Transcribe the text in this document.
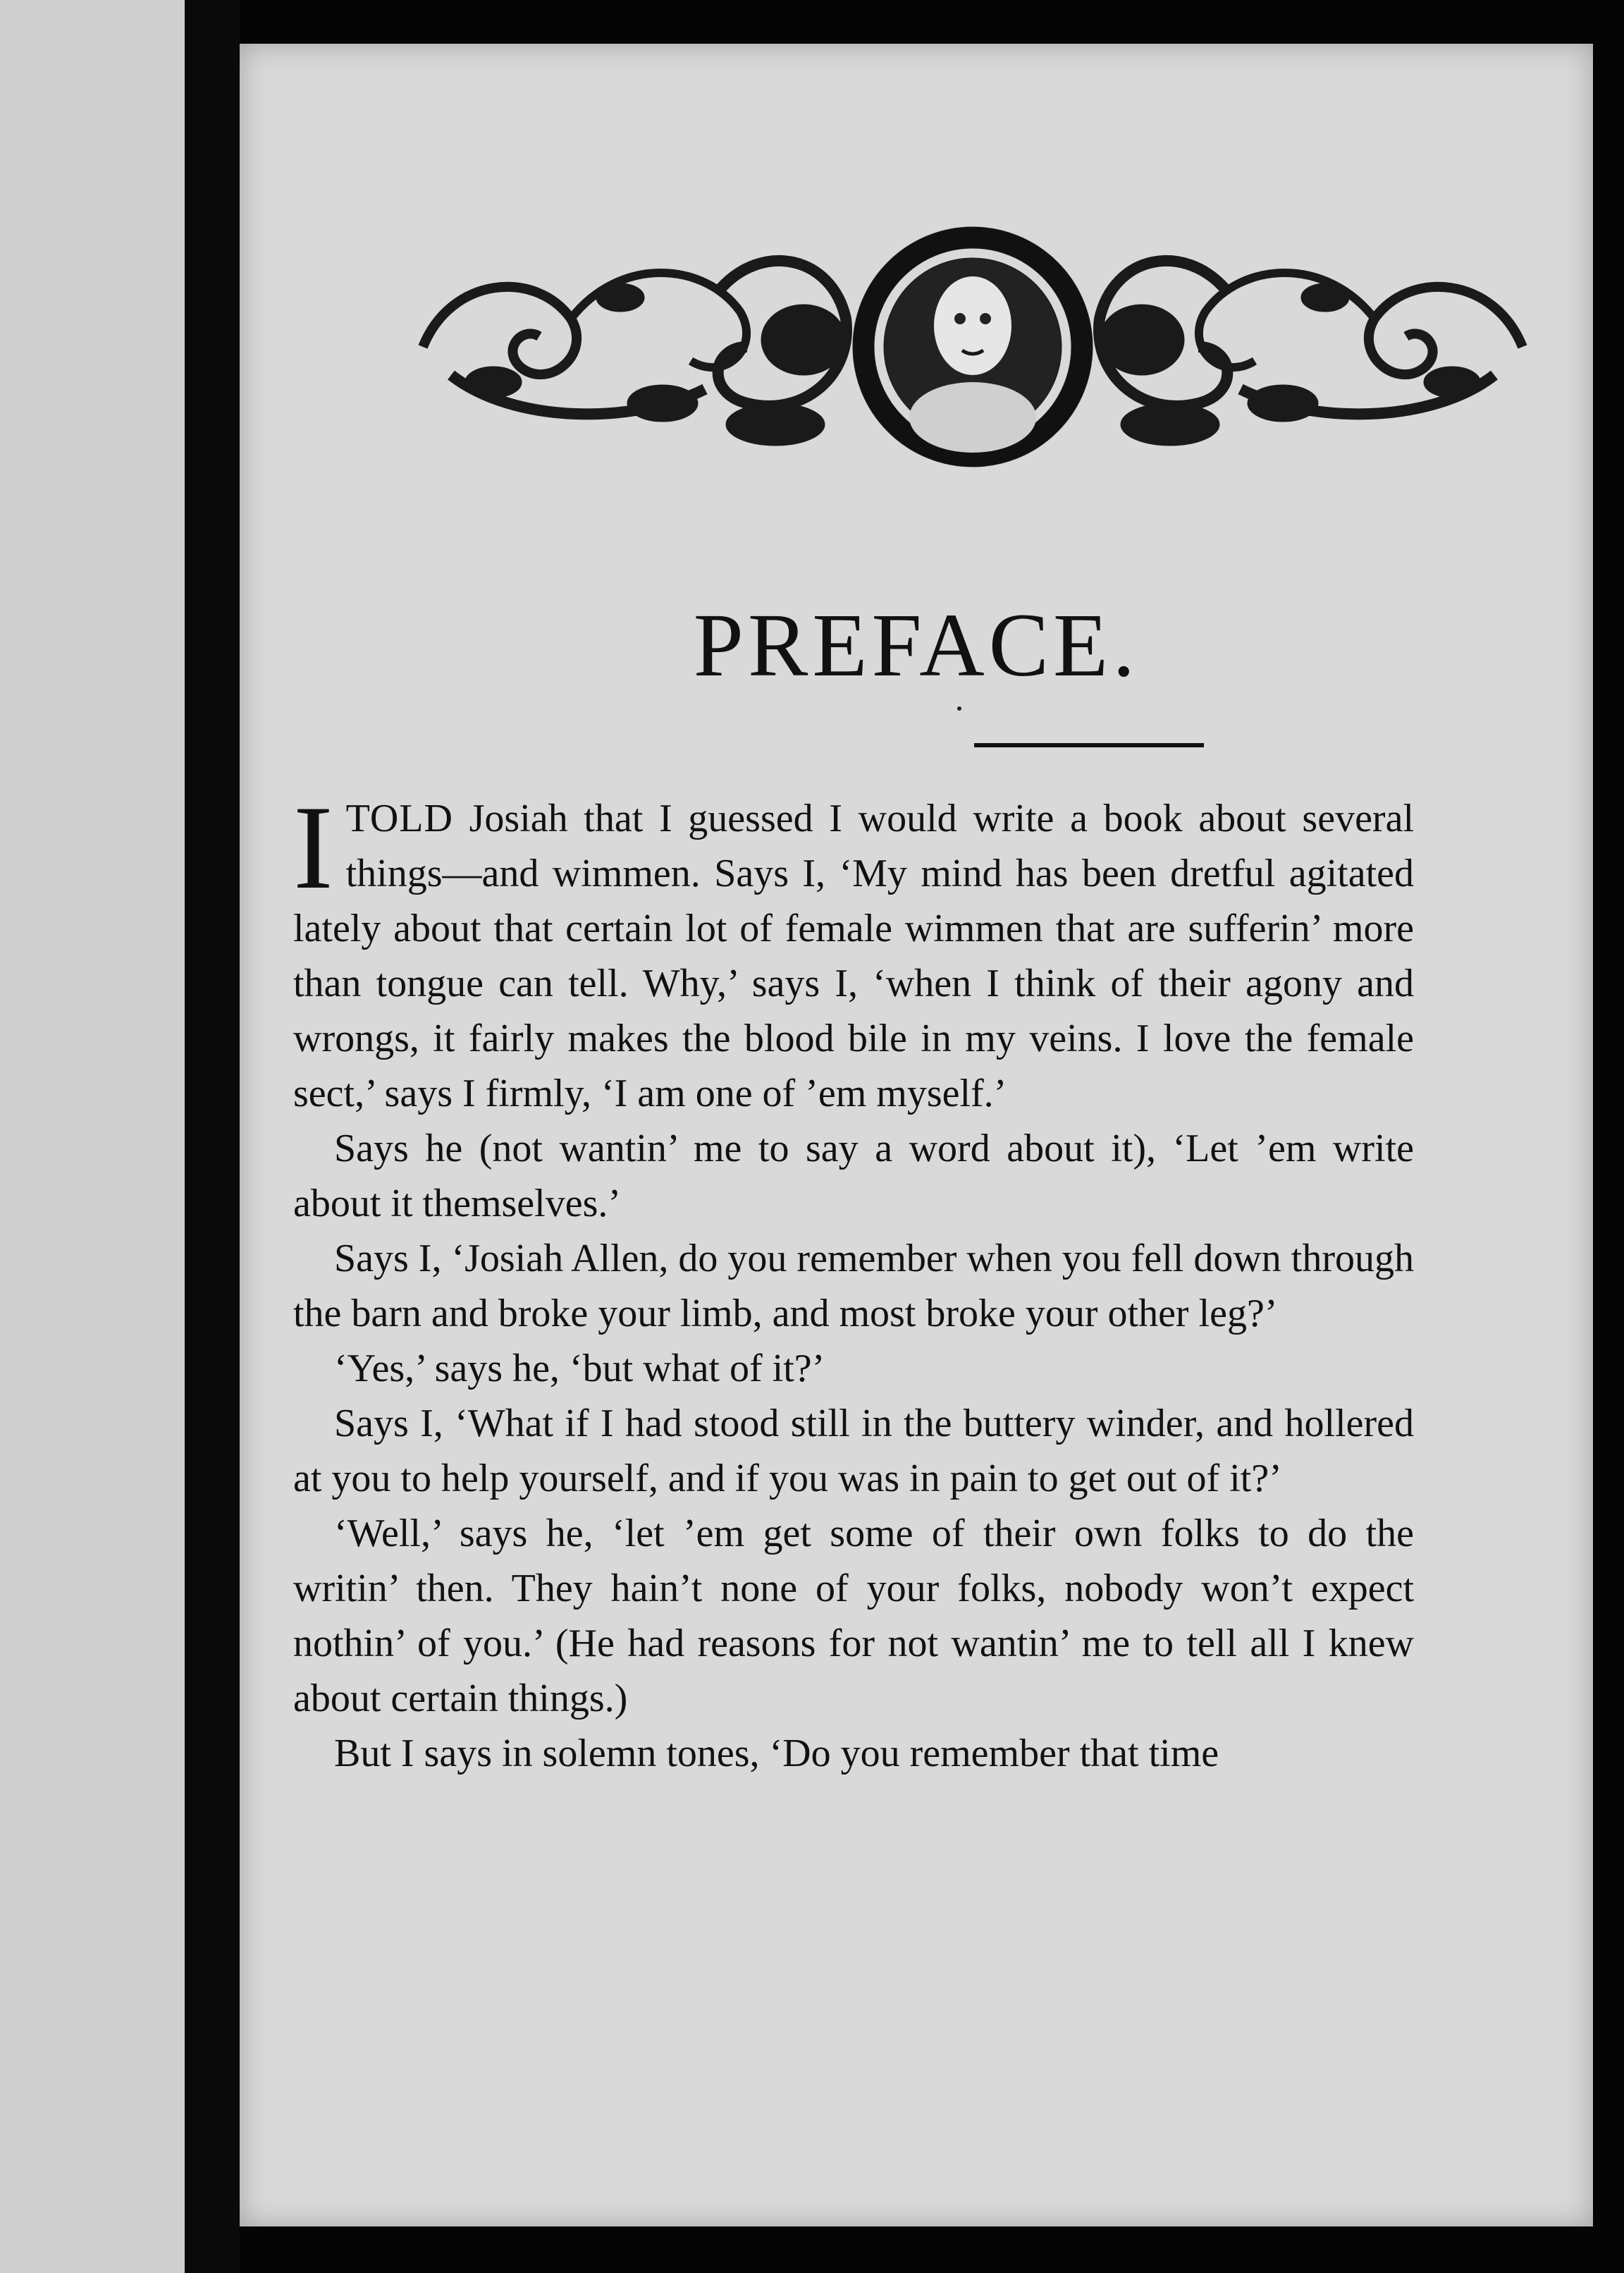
PREFACE.

ITOLD Josiah that I guessed I would write a book about several things—and wimmen. Says I, ‘My mind has been dretful agitated lately about that certain lot of female wimmen that are sufferin’ more than tongue can tell. Why,’ says I, ‘when I think of their agony and wrongs, it fairly makes the blood bile in my veins. I love the female sect,’ says I firmly, ‘I am one of ’em myself.’

Says he (not wantin’ me to say a word about it), ‘Let ’em write about it themselves.’

Says I, ‘Josiah Allen, do you remember when you fell down through the barn and broke your limb, and most broke your other leg?’

‘Yes,’ says he, ‘but what of it?’

Says I, ‘What if I had stood still in the buttery winder, and hollered at you to help yourself, and if you was in pain to get out of it?’

‘Well,’ says he, ‘let ’em get some of their own folks to do the writin’ then. They hain’t none of your folks, nobody won’t expect nothin’ of you.’ (He had reasons for not wantin’ me to tell all I knew about certain things.)

But I says in solemn tones, ‘Do you remember that time
